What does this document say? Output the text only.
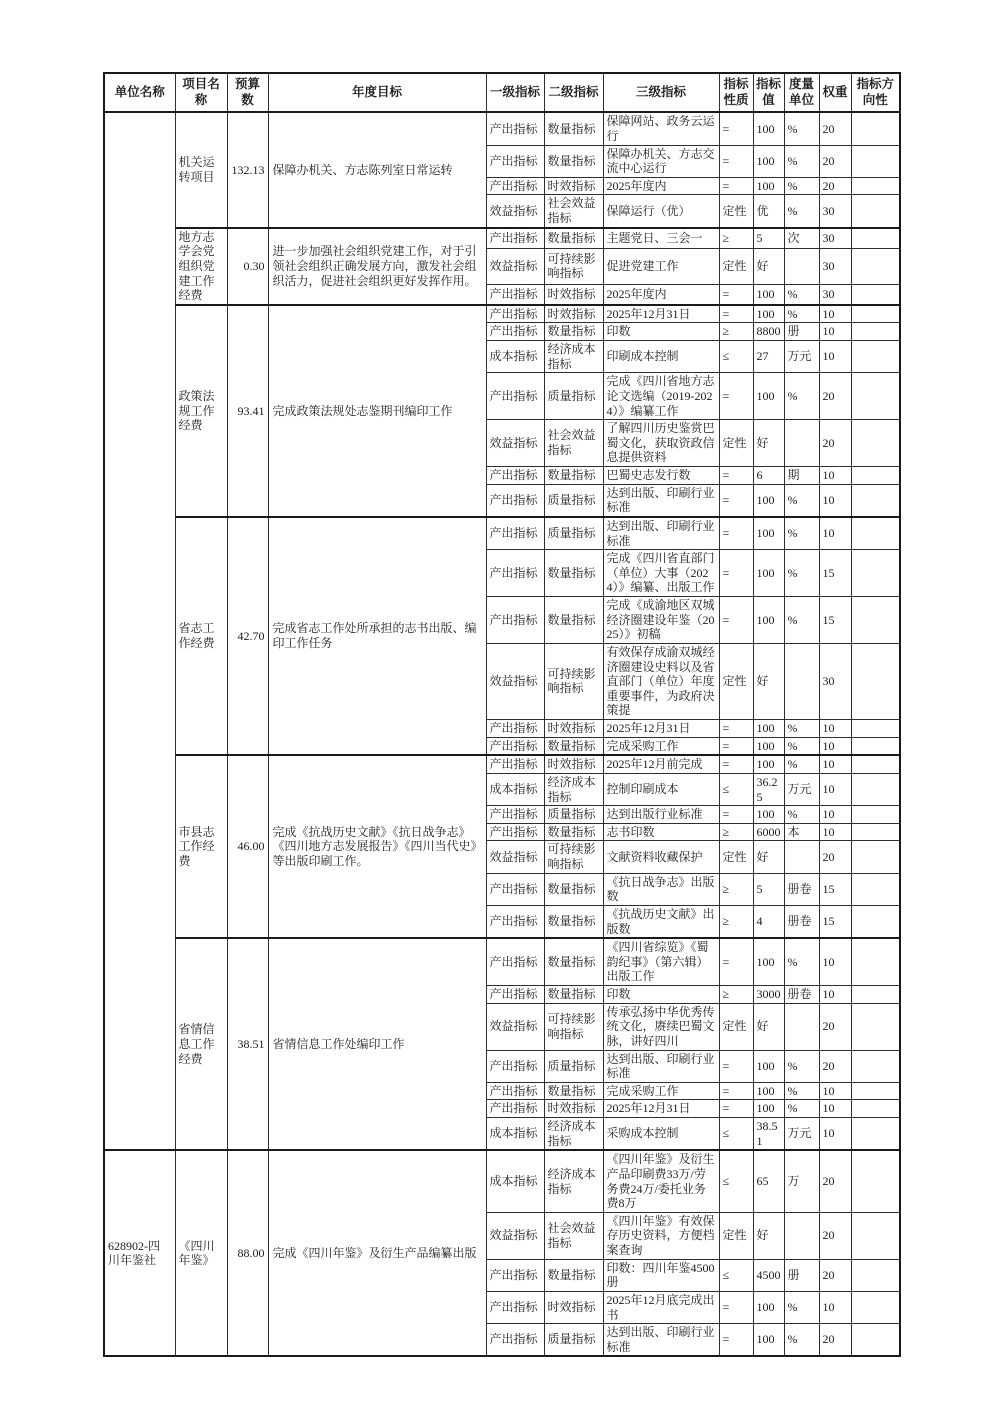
单位名称	项目名称	预算数	年度目标	一级指标	二级指标	三级指标	指标性质	指标值	度量单位	权重	指标方向性
	机关运转项目	132.13	保障办机关、方志陈列室日常运转	产出指标	数量指标	保障网站、政务云运行	=	100	%	20	
				产出指标	数量指标	保障办机关、方志交流中心运行	=	100	%	20	
				产出指标	时效指标	2025年度内	=	100	%	20	
				效益指标	社会效益指标	保障运行（优）	定性	优	%	30	
	地方志学会党组织党建工作经费	0.30	进一步加强社会组织党建工作，对于引领社会组织正确发展方向，激发社会组织活力，促进社会组织更好发挥作用。	产出指标	数量指标	主题党日、三会一	≥	5	次	30	
				效益指标	可持续影响指标	促进党建工作	定性	好		30	
				产出指标	时效指标	2025年度内	=	100	%	30	
	政策法规工作经费	93.41	完成政策法规处志鉴期刊编印工作	产出指标	时效指标	2025年12月31日	=	100	%	10	
				产出指标	数量指标	印数	≥	8800	册	10	
				成本指标	经济成本指标	印刷成本控制	≤	27	万元	10	
				产出指标	质量指标	完成《四川省地方志论文选编（2019-2024）》编纂工作	=	100	%	20	
				效益指标	社会效益指标	了解四川历史鉴赏巴蜀文化，获取资政信息提供资料	定性	好		20	
				产出指标	数量指标	巴蜀史志发行数	=	6	期	10	
				产出指标	质量指标	达到出版、印刷行业标准	=	100	%	10	
	省志工作经费	42.70	完成省志工作处所承担的志书出版、编印工作任务	产出指标	质量指标	达到出版、印刷行业标准	=	100	%	10	
				产出指标	数量指标	完成《四川省直部门（单位）大事（2024）》编纂、出版工作	=	100	%	15	
				产出指标	数量指标	完成《成渝地区双城经济圈建设年鉴（2025）》初稿	=	100	%	15	
				效益指标	可持续影响指标	有效保存成渝双城经济圈建设史料以及省直部门（单位）年度重要事件，为政府决策提	定性	好		30	
				产出指标	时效指标	2025年12月31日	=	100	%	10	
				产出指标	数量指标	完成采购工作	=	100	%	10	
	市县志工作经费	46.00	完成《抗战历史文献》《抗日战争志》《四川地方志发展报告》《四川当代史》等出版印刷工作。	产出指标	时效指标	2025年12月前完成	=	100	%	10	
				成本指标	经济成本指标	控制印刷成本	≤	36.25	万元	10	
				产出指标	质量指标	达到出版行业标准	=	100	%	10	
				产出指标	数量指标	志书印数	≥	6000	本	10	
				效益指标	可持续影响指标	文献资料收藏保护	定性	好		20	
				产出指标	数量指标	《抗日战争志》出版数	≥	5	册卷	15	
				产出指标	数量指标	《抗战历史文献》出版数	≥	4	册卷	15	
	省情信息工作经费	38.51	省情信息工作处编印工作	产出指标	数量指标	《四川省综览》《蜀韵纪事》（第六辑）出版工作	=	100	%	10	
				产出指标	数量指标	印数	≥	3000	册卷	10	
				效益指标	可持续影响指标	传承弘扬中华优秀传统文化，赓续巴蜀文脉，讲好四川	定性	好		20	
				产出指标	质量指标	达到出版、印刷行业标准	=	100	%	20	
				产出指标	数量指标	完成采购工作	=	100	%	10	
				产出指标	时效指标	2025年12月31日	=	100	%	10	
				成本指标	经济成本指标	采购成本控制	≤	38.51	万元	10	
628902-四川年鉴社	《四川年鉴》	88.00	完成《四川年鉴》及衍生产品编纂出版	成本指标	经济成本指标	《四川年鉴》及衍生产品印刷费33万/劳务费24万/委托业务费8万	≤	65	万	20	
				效益指标	社会效益指标	《四川年鉴》有效保存历史资料，方便档案查询	定性	好		20	
				产出指标	数量指标	印数：四川年鉴4500册	≤	4500	册	20	
				产出指标	时效指标	2025年12月底完成出书	=	100	%	10	
				产出指标	质量指标	达到出版、印刷行业标准	=	100	%	20	
